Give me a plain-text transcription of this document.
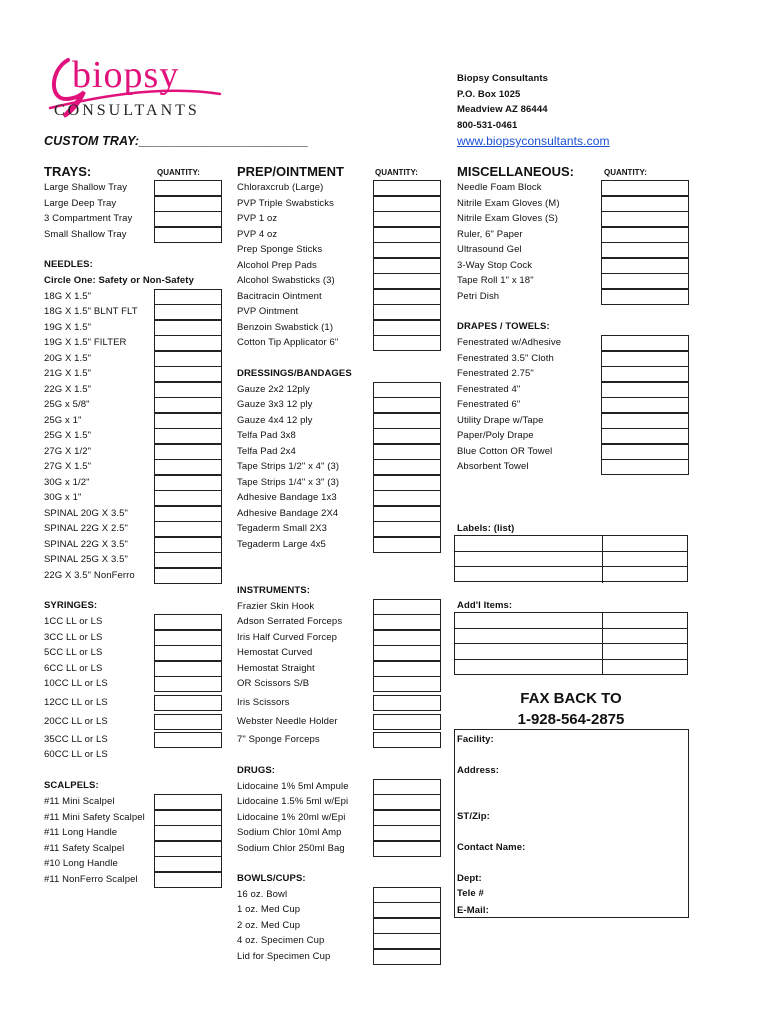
biopsy
CONSULTANTS
Biopsy Consultants
P.O. Box 1025
Meadview AZ 86444
800-531-0461
www.biopsyconsultants.com
CUSTOM TRAY:________________________
TRAYS:	QUANTITY:	PREP/OINTMENT	QUANTITY:	MISCELLANEOUS:	QUANTITY:
Large Shallow Tray
Large Deep Tray
3 Compartment Tray
Small Shallow Tray
NEEDLES:
Circle One: Safety or Non-Safety
18G X 1.5"
18G X 1.5" BLNT FLT
19G X 1.5"
19G X 1.5" FILTER
20G X 1.5"
21G X 1.5"
22G X 1.5"
25G x 5/8"
25G x 1"
25G X 1.5"
27G X 1/2"
27G X 1.5"
30G x 1/2"
30G x 1"
SPINAL 20G X 3.5"
SPINAL 22G X 2.5"
SPINAL 22G X 3.5"
SPINAL 25G X 3.5"
22G X 3.5" NonFerro
SYRINGES:
1CC LL or LS
3CC LL or LS
5CC LL or LS
6CC LL or LS
10CC LL or LS
12CC LL or LS
20CC LL or LS
35CC LL or LS
60CC LL or LS
SCALPELS:
#11 Mini Scalpel
#11 Mini Safety Scalpel
#11 Long Handle
#11 Safety Scalpel
#10 Long Handle
#11 NonFerro Scalpel
Chloraxcrub (Large)
PVP Triple Swabsticks
PVP 1 oz
PVP 4 oz
Prep Sponge Sticks
Alcohol Prep Pads
Alcohol Swabsticks (3)
Bacitracin Ointment
PVP Ointment
Benzoin Swabstick (1)
Cotton Tip Applicator 6"
DRESSINGS/BANDAGES
Gauze 2x2 12ply
Gauze 3x3 12 ply
Gauze 4x4 12 ply
Telfa Pad 3x8
Telfa Pad 2x4
Tape Strips 1/2" x 4" (3)
Tape Strips 1/4" x 3" (3)
Adhesive Bandage 1x3
Adhesive Bandage 2X4
Tegaderm Small 2X3
Tegaderm Large 4x5
INSTRUMENTS:
Frazier Skin Hook
Adson Serrated Forceps
Iris Half Curved Forcep
Hemostat Curved
Hemostat Straight
OR Scissors S/B
Iris Scissors
Webster Needle Holder
7" Sponge Forceps
DRUGS:
Lidocaine 1% 5ml Ampule
Lidocaine 1.5% 5ml w/Epi
Lidocaine 1% 20ml w/Epi
Sodium Chlor 10ml Amp
Sodium Chlor 250ml Bag
BOWLS/CUPS:
16 oz. Bowl
1 oz. Med Cup
2 oz. Med Cup
4 oz. Specimen Cup
Lid for Specimen Cup
Needle Foam Block
Nitrile Exam Gloves (M)
Nitrile Exam Gloves (S)
Ruler, 6" Paper
Ultrasound Gel
3-Way Stop Cock
Tape Roll 1" x 18"
Petri Dish
DRAPES / TOWELS:
Fenestrated w/Adhesive
Fenestrated 3.5" Cloth
Fenestrated 2.75"
Fenestrated 4"
Fenestrated 6"
Utility Drape w/Tape
Paper/Poly Drape
Blue Cotton OR Towel
Absorbent Towel
Labels: (list)
Add'l Items:
FAX BACK TO
1-928-564-2875
Facility:
Address:
ST/Zip:
Contact Name:
Dept:
Tele #
E-Mail:
